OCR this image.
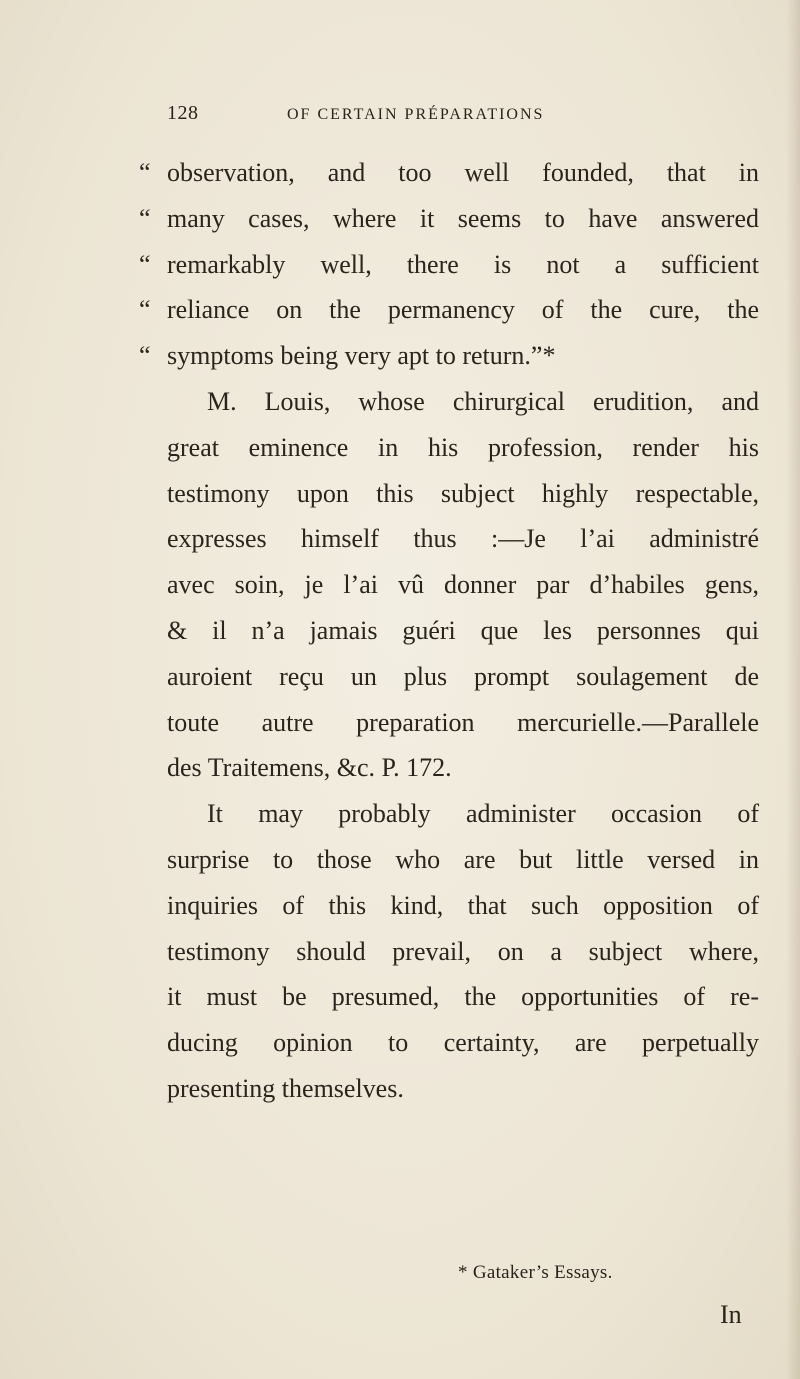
128	OF CERTAIN PRÉPARATIONS
“ observation, and too well founded, that in
“ many cases, where it seems to have answered
“ remarkably well, there is not a sufficient
“ reliance on the permanency of the cure, the
“ symptoms being very apt to return.”*
M. Louis, whose chirurgical erudition, and
great eminence in his profession, render his
testimony upon this subject highly respectable,
expresses himself thus :—Je l’ai administré
avec soin, je l’ai vû donner par d’habiles gens,
& il n’a jamais guéri que les personnes qui
auroient reçu un plus prompt soulagement de
toute autre preparation mercurielle.—Parallele
des Traitemens, &c. P. 172.
It may probably administer occasion of
surprise to those who are but little versed in
inquiries of this kind, that such opposition of
testimony should prevail, on a subject where,
it must be presumed, the opportunities of re-
ducing opinion to certainty, are perpetually
presenting themselves.
* Gataker’s Essays.
In
